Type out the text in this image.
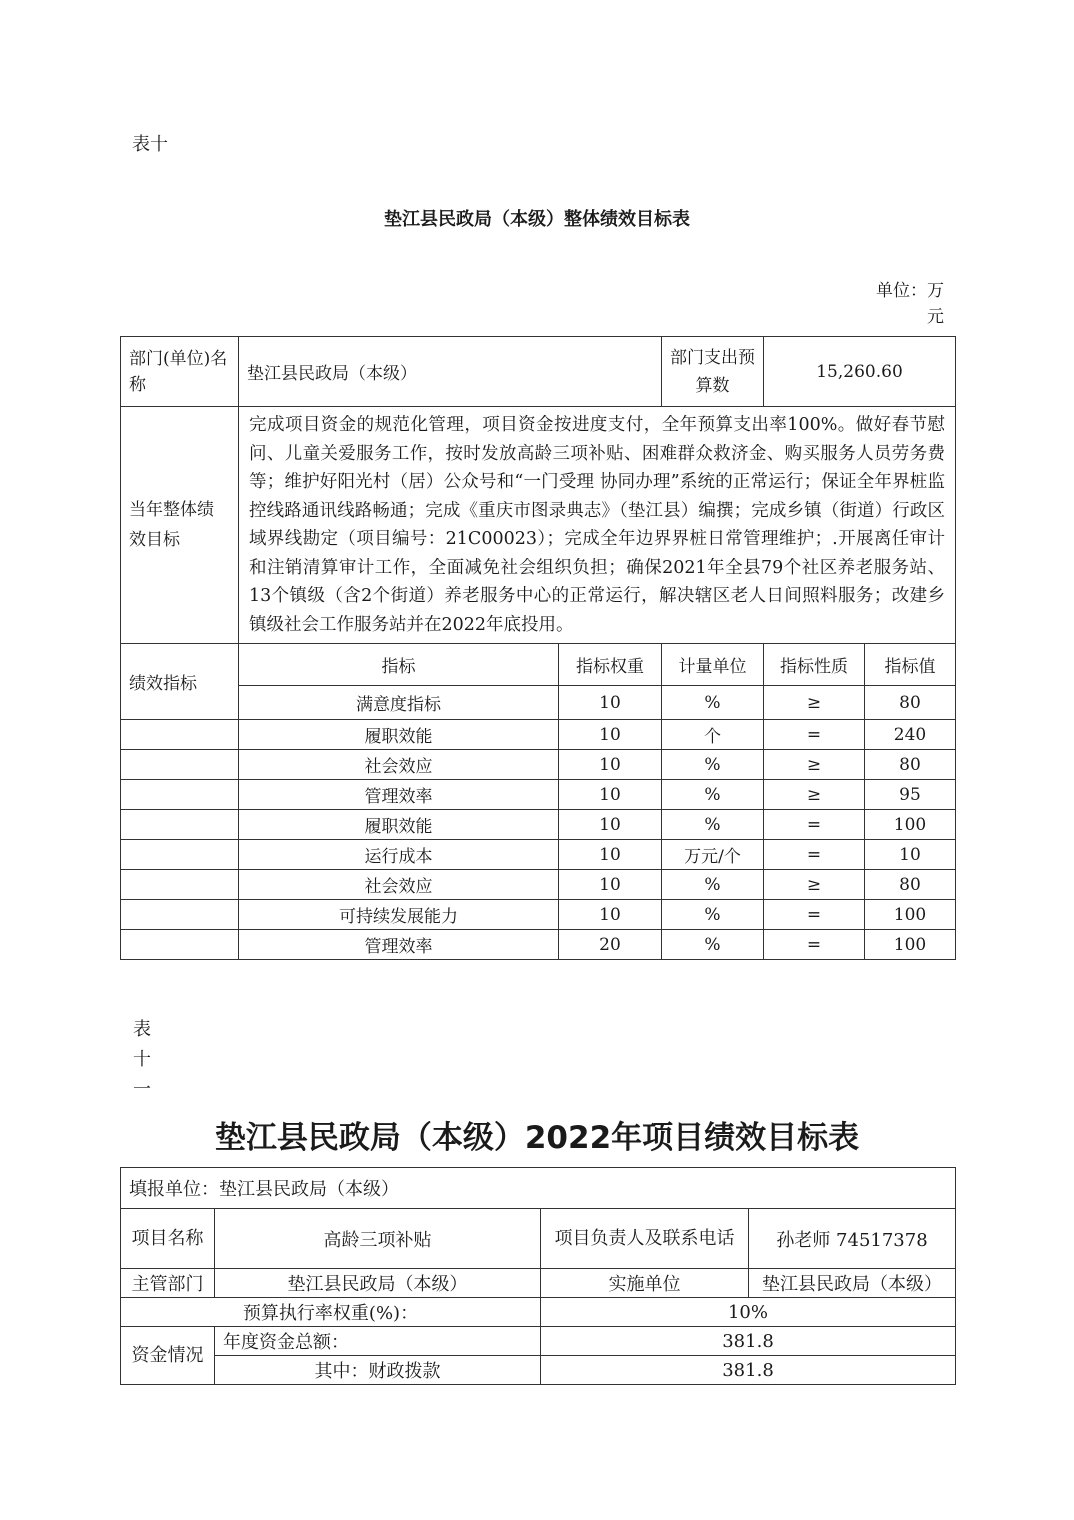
表十
垫江县民政局（本级）整体绩效目标表
单位：万
元
部门(单位)名称	垫江县民政局（本级）		部门支出预算数	15,260.60	
当年整体绩效目标	完成项目资金的规范化管理，项目资金按进度支付，全年预算支出率100%。做好春节慰问、儿童关爱服务工作，按时发放高龄三项补贴、困难群众救济金、购买服务人员劳务费等；维护好阳光村（居）公众号和“一门受理 协同办理”系统的正常运行；保证全年界桩监控线路通讯线路畅通；完成《重庆市图录典志》（垫江县）编撰；完成乡镇（街道）行政区域界线勘定（项目编号：21C00023）；完成全年边界界桩日常管理维护；.开展离任审计和注销清算审计工作，全面减免社会组织负担；确保2021年全县79个社区养老服务站、13个镇级（含2个街道）养老服务中心的正常运行，解决辖区老人日间照料服务；改建乡镇级社会工作服务站并在2022年底投用。				
绩效指标	指标	指标权重	计量单位	指标性质	指标值
	满意度指标	10	%	≥	80
	履职效能	10	个	=	240
	社会效应	10	%	≥	80
	管理效率	10	%	≥	95
	履职效能	10	%	=	100
	运行成本	10	万元/个	=	10
	社会效应	10	%	≥	80
	可持续发展能力	10	%	=	100
	管理效率	20	%	=	100
表
十
一
垫江县民政局（本级）2022年项目绩效目标表
填报单位：垫江县民政局（本级）			
项目名称	高龄三项补贴	项目负责人及联系电话	孙老师 74517378
主管部门	垫江县民政局（本级）	实施单位	垫江县民政局（本级）
预算执行率权重(%)：		10%	
资金情况	年度资金总额：	381.8	
	其中：财政拨款	381.8	
